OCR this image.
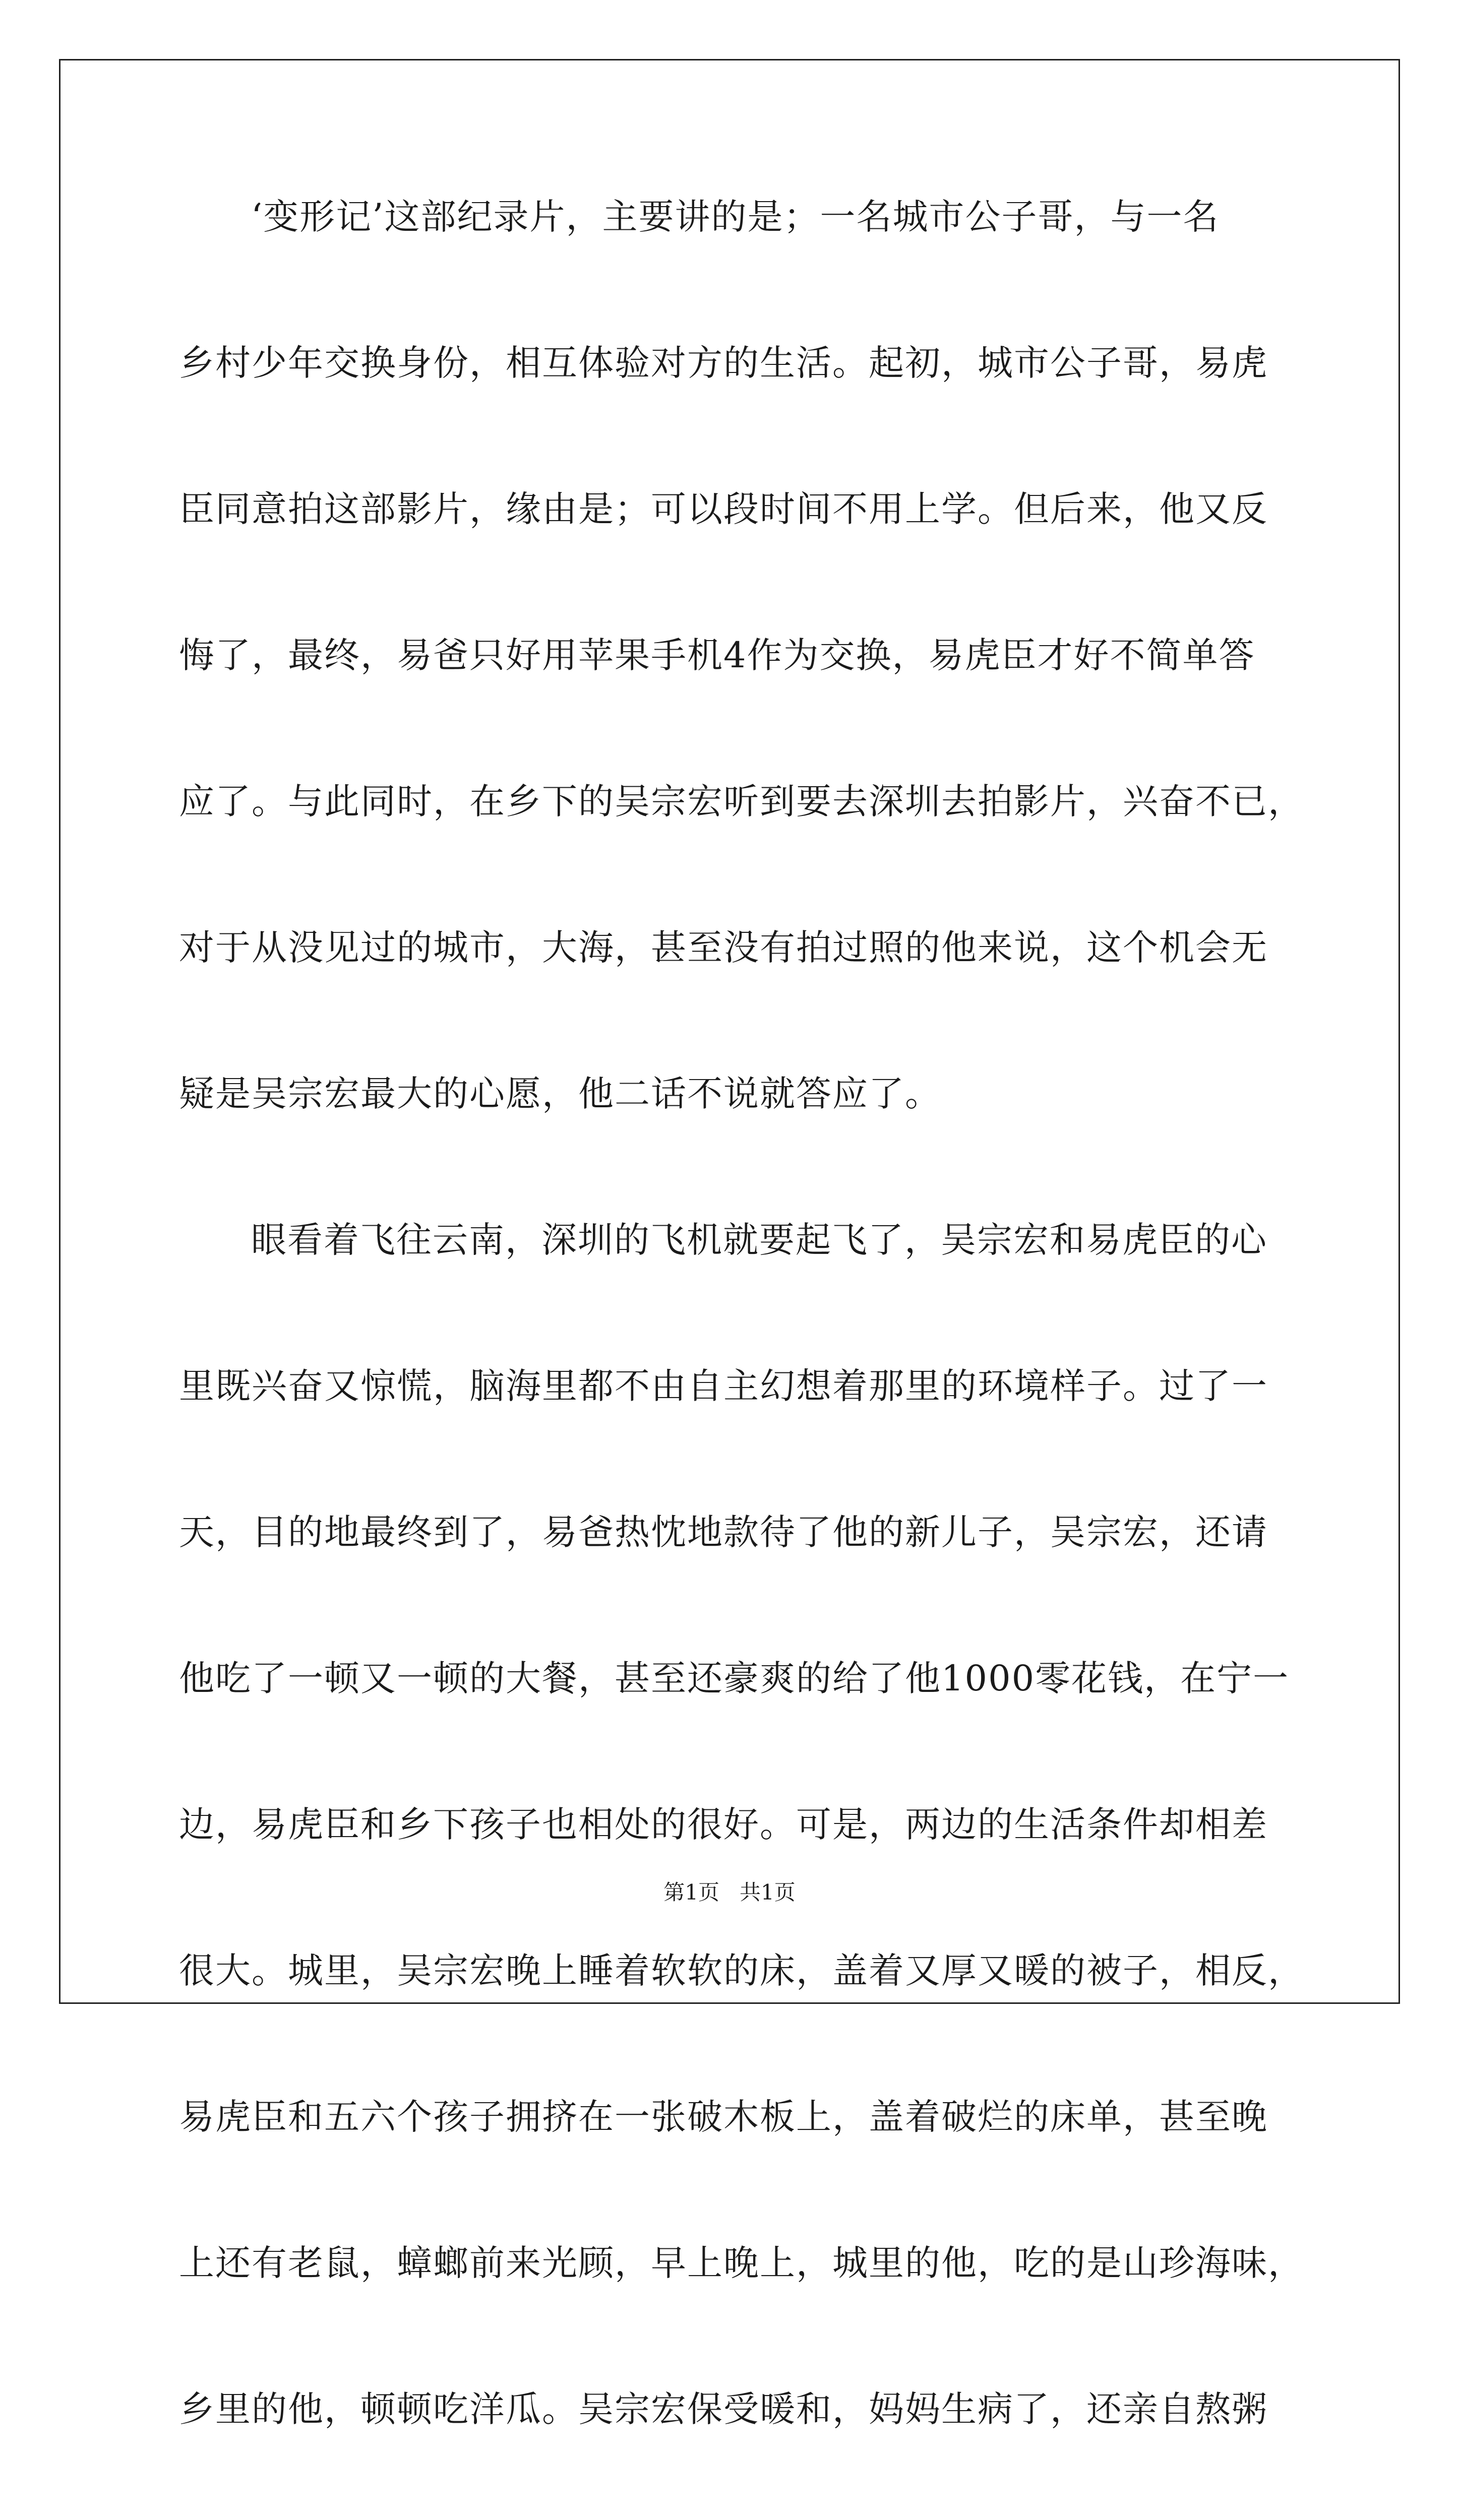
‘变形记’这部纪录片，主要讲的是；一名城市公子哥，与一名
乡村少年交换身份，相互体验对方的生活。起初，城市公子哥，易虎
臣同意拍这部影片，缘由是；可以段时间不用上学。但后来，他又反
悔了，最终，易爸只好用苹果手机4作为交换，易虎臣才好不简单答
应了。与此同时，在乡下的吴宗宏听到要去深圳去拍影片，兴奋不已，
对于从没见过的城市，大海，甚至没有拍过照的他来说，这个机会无
疑是吴宗宏最大的心愿，他二话不说就答应了。
眼看着飞往云南，深圳的飞机就要起飞了，吴宗宏和易虎臣的心
里既兴奋又惊慌，脑海里都不由自主幻想着那里的环境样子。过了一
天，目的地最终到了，易爸热忱地款待了他的新儿子，吴宗宏，还请
他吃了一顿又一顿的大餐，甚至还豪爽的给了他1000零花钱，在宁一
边，易虎臣和乡下孩子也相处的很好。可是，两边的生活条件却相差
很大。城里，吴宗宏晚上睡着软软的床，盖着又厚又暖的被子，相反，
易虎臣和五六个孩子拥挤在一张破木板上，盖着破烂的床单，甚至晚
上还有老鼠，蟑螂前来光顾，早上晚上，城里的他，吃的是山珍海味，
乡里的他，顿顿吃洋瓜。吴宗宏保受暖和，妈妈生病了，还亲自熬粥
第1页   共1页
